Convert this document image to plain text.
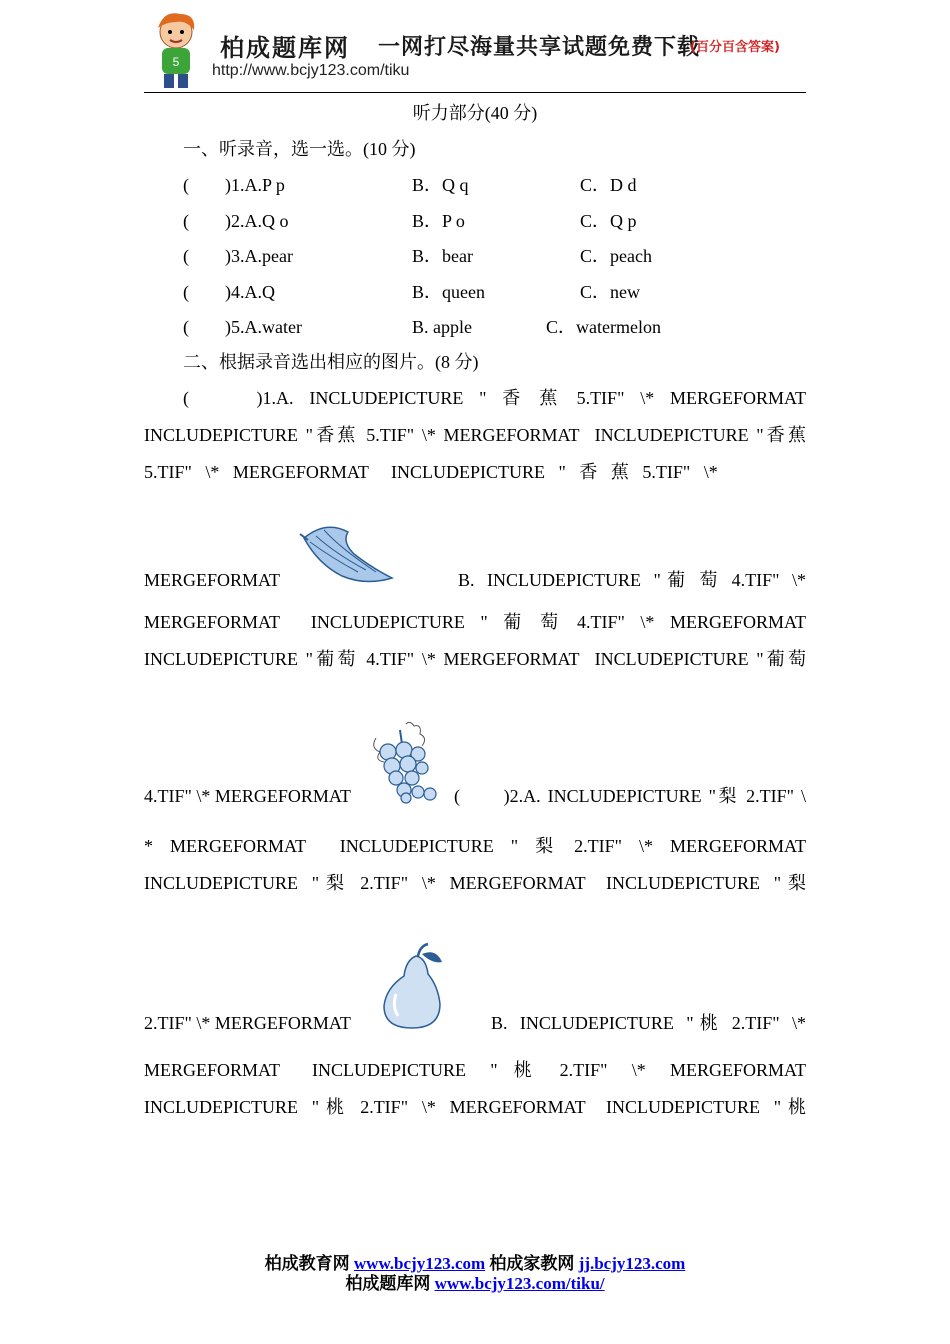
5 柏成题库网 一网打尽海量共享试题免费下载
(百分百含答案)
http://www.bcjy123.com/tiku
听力部分(40 分)
一、听录音，选一选。(10 分)
(　　)1.A.P p	B．Q q	C．D d
(　　)2.A.Q o	B．P o	C．Q p
(　　)3.A.pear	B．bear	C．peach
(　　)4.A.Q	B．queen	C．new
(　　)5.A.water	B. apple	C．watermelon
二、根据录音选出相应的图片。(8 分)
(　　　)1.A.  INCLUDEPICTURE  "  香  蕉  5.TIF"  \*  MERGEFORMAT
INCLUDEPICTURE "香蕉 5.TIF" \* MERGEFORMAT  INCLUDEPICTURE "香蕉
5.TIF"   \*   MERGEFORMAT     INCLUDEPICTURE   "   香   蕉   5.TIF"   \*
MERGEFORMAT	B.  INCLUDEPICTURE  " 葡  萄  4.TIF"  \*
MERGEFORMAT    INCLUDEPICTURE  "  葡  萄  4.TIF"  \*  MERGEFORMAT
INCLUDEPICTURE "葡萄 4.TIF" \* MERGEFORMAT  INCLUDEPICTURE "葡萄
4.TIF" \* MERGEFORMAT	(　　)2.A. INCLUDEPICTURE "梨 2.TIF" \
*  MERGEFORMAT    INCLUDEPICTURE  "  梨  2.TIF"  \*  MERGEFORMAT
INCLUDEPICTURE  " 梨  2.TIF"  \*  MERGEFORMAT   INCLUDEPICTURE  " 梨
2.TIF" \* MERGEFORMAT	B.  INCLUDEPICTURE  " 桃  2.TIF"  \*
MERGEFORMAT    INCLUDEPICTURE   "  桃   2.TIF"   \*   MERGEFORMAT
INCLUDEPICTURE  " 桃  2.TIF"  \*  MERGEFORMAT   INCLUDEPICTURE  " 桃
柏成教育网 www.bcjy123.com 柏成家教网 jj.bcjy123.com
柏成题库网 www.bcjy123.com/tiku/
